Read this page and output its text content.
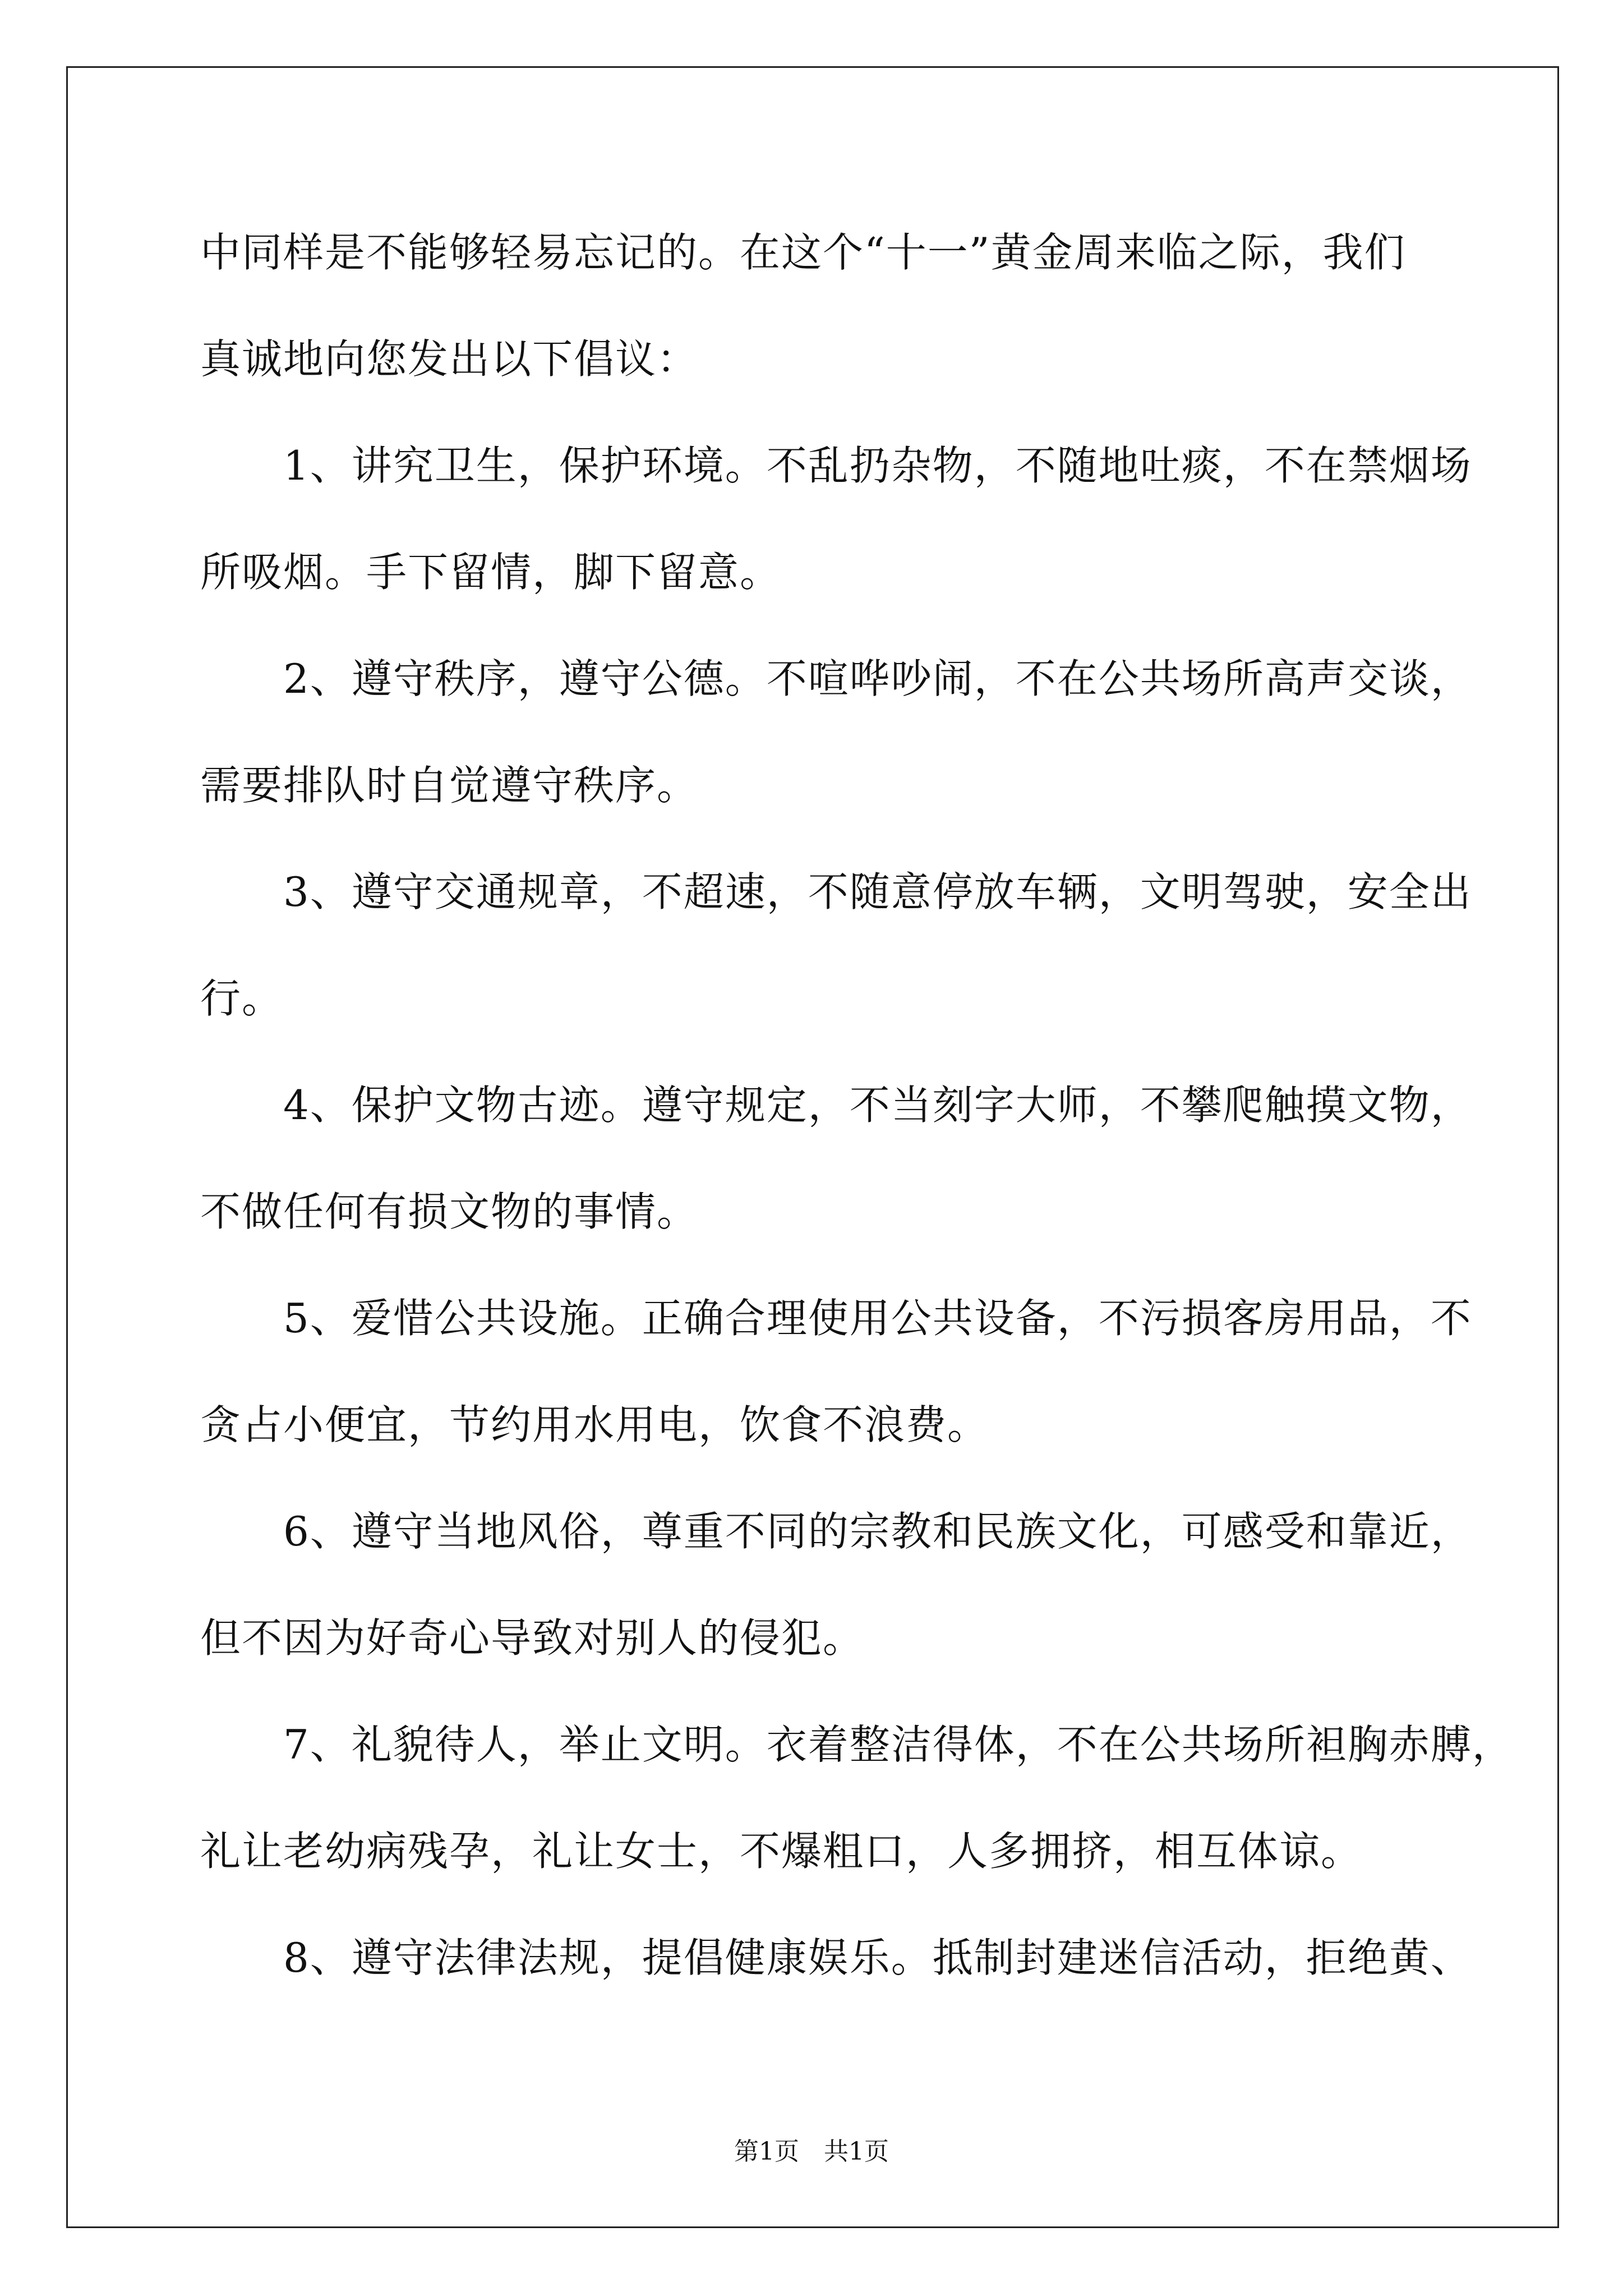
中同样是不能够轻易忘记的。在这个“十一”黄金周来临之际，我们
真诚地向您发出以下倡议：
　　1、讲究卫生，保护环境。不乱扔杂物，不随地吐痰，不在禁烟场
所吸烟。手下留情，脚下留意。
　　2、遵守秩序，遵守公德。不喧哗吵闹，不在公共场所高声交谈，
需要排队时自觉遵守秩序。
　　3、遵守交通规章，不超速，不随意停放车辆，文明驾驶，安全出
行。
　　4、保护文物古迹。遵守规定，不当刻字大师，不攀爬触摸文物，
不做任何有损文物的事情。
　　5、爱惜公共设施。正确合理使用公共设备，不污损客房用品，不
贪占小便宜，节约用水用电，饮食不浪费。
　　6、遵守当地风俗，尊重不同的宗教和民族文化，可感受和靠近，
但不因为好奇心导致对别人的侵犯。
　　7、礼貌待人，举止文明。衣着整洁得体，不在公共场所袒胸赤膊，
礼让老幼病残孕，礼让女士，不爆粗口，人多拥挤，相互体谅。
　　8、遵守法律法规，提倡健康娱乐。抵制封建迷信活动，拒绝黄、
第1页　共1页
